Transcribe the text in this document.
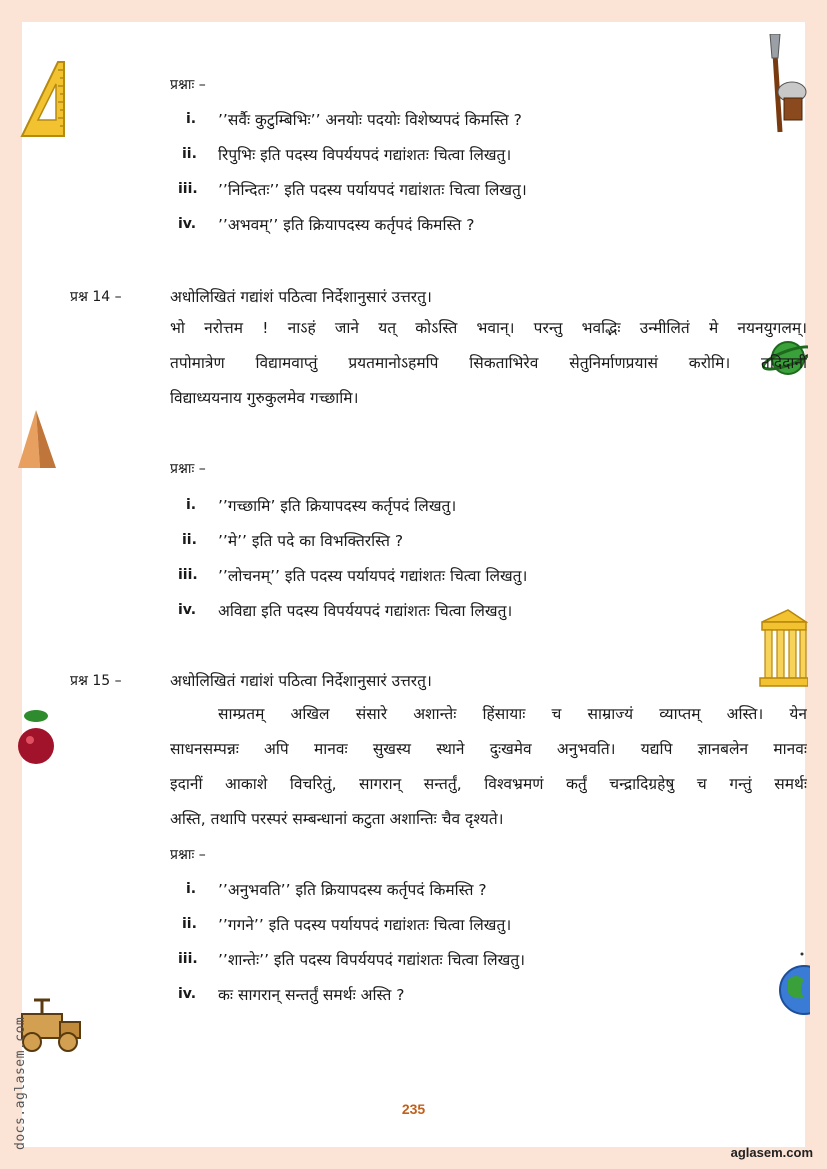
प्रश्नाः –

i. ’’सर्वैः कुटुम्बिभिः’’ अनयोः पदयोः विशेष्यपदं किमस्ति ?
ii. रिपुभिः इति पदस्य विपर्ययपदं गद्यांशतः चित्वा लिखतु।
iii. ’’निन्दितः’’ इति पदस्य पर्यायपदं गद्यांशतः चित्वा लिखतु।
iv. ’’अभवम्’’ इति क्रियापदस्य कर्तृपदं किमस्ति ?
प्रश्न 14 –	अधोलिखितं गद्यांशं पठित्वा निर्देशानुसारं उत्तरतु।
भो नरोत्तम ! नाऽहं जाने यत् कोऽस्ति भवान्। परन्तु भवद्भिः उन्मीलितं मे नयनयुगलम्।
तपोमात्रेण विद्यामवाप्तुं प्रयतमानोऽहमपि सिकताभिरेव सेतुनिर्माणप्रयासं करोमि। तदिदानीं
विद्याध्ययनाय गुरुकुलमेव गच्छामि।

प्रश्नाः –

i. ’’गच्छामि’ इति क्रियापदस्य कर्तृपदं लिखतु।
ii. ’’मे’’ इति पदे का विभक्तिरस्ति ?
iii. ’’लोचनम्’’ इति पदस्य पर्यायपदं गद्यांशतः चित्वा लिखतु।
iv. अविद्या इति पदस्य विपर्ययपदं गद्यांशतः चित्वा लिखतु।
प्रश्न 15 –	अधोलिखितं गद्यांशं पठित्वा निर्देशानुसारं उत्तरतु।
साम्प्रतम् अखिल संसारे अशान्तेः हिंसायाः च साम्राज्यं व्याप्तम् अस्ति। येन
साधनसम्पन्नः अपि मानवः सुखस्य स्थाने दुःखमेव अनुभवति। यद्यपि ज्ञानबलेन मानवः
इदानीं आकाशे विचरितुं, सागरान् सन्तर्तुं, विश्वभ्रमणं कर्तुं चन्द्रादिग्रहेषु च गन्तुं समर्थः
अस्ति, तथापि परस्परं सम्बन्धानां कटुता अशान्तिः चैव दृश्यते।

प्रश्नाः –

i. ’’अनुभवति’’ इति क्रियापदस्य कर्तृपदं किमस्ति ?
ii. ’’गगने’’ इति पदस्य पर्यायपदं गद्यांशतः चित्वा लिखतु।
iii. ’’शान्तेः’’ इति पदस्य विपर्ययपदं गद्यांशतः चित्वा लिखतु।
iv. कः सागरान् सन्तर्तुं समर्थः अस्ति ?
235
aglasem.com
docs.aglasem.com
